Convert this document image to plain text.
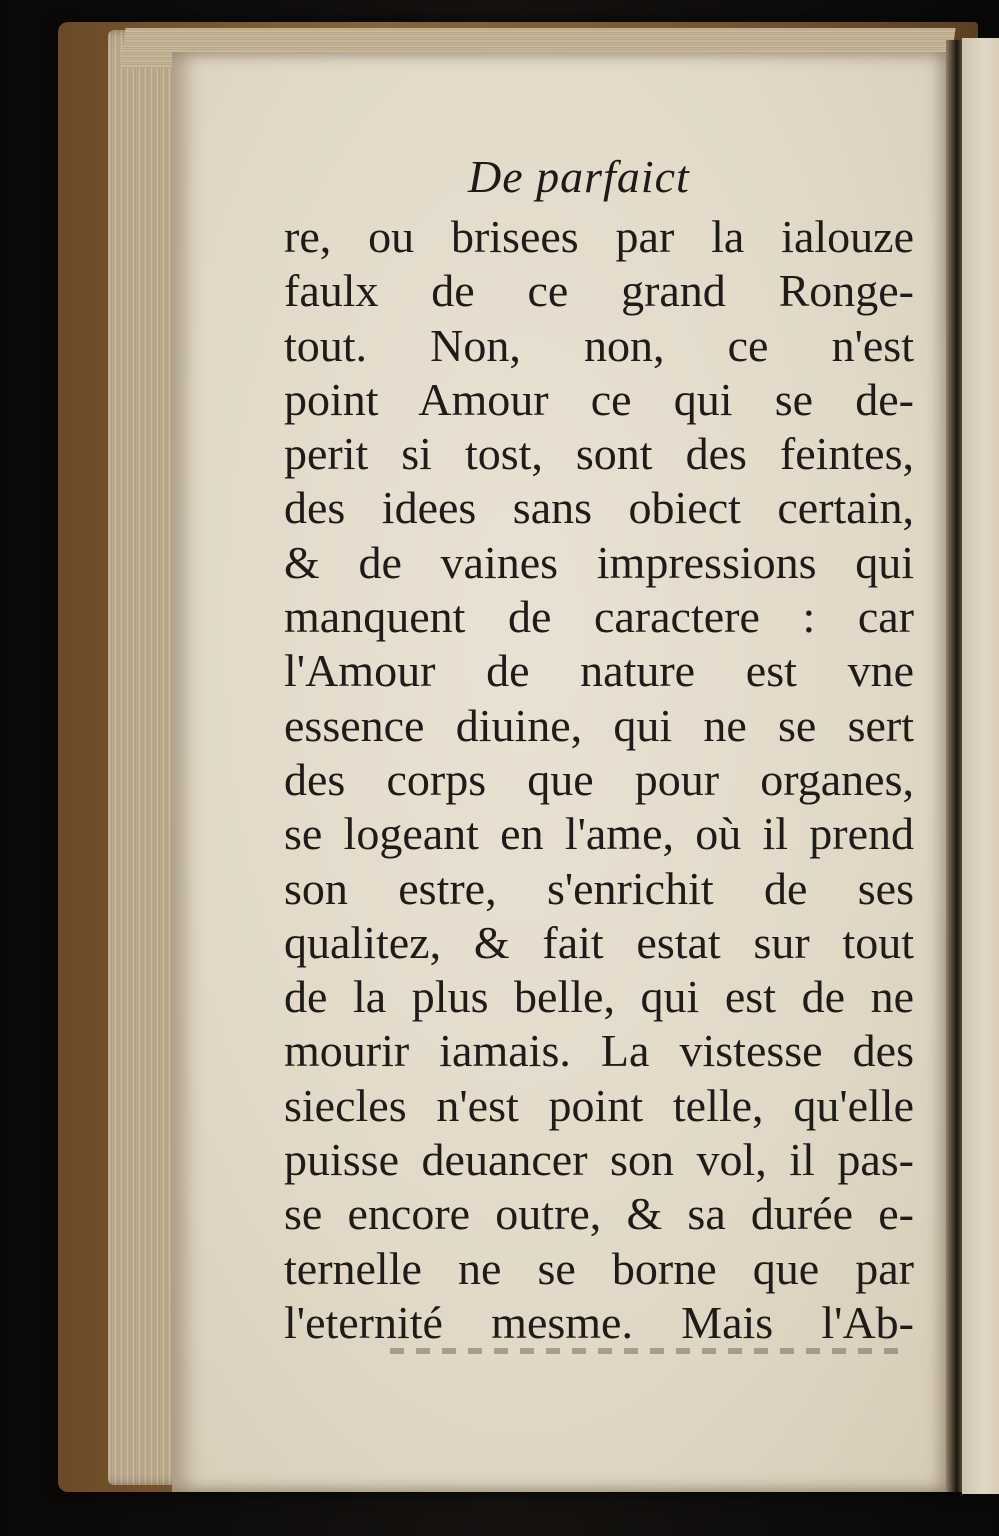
De parfaict
re, ou brisees par la ialouze
faulx de ce grand Ronge-
tout. Non, non, ce n'est
point Amour ce qui se de-
perit si tost, sont des feintes,
des idees sans obiect certain,
& de vaines impressions qui
manquent de caractere : car
l'Amour de nature est vne
essence diuine, qui ne se sert
des corps que pour organes,
se logeant en l'ame, où il prend
son estre, s'enrichit de ses
qualitez, & fait estat sur tout
de la plus belle, qui est de ne
mourir iamais. La vistesse des
siecles n'est point telle, qu'elle
puisse deuancer son vol, il pas-
se encore outre, & sa durée e-
ternelle ne se borne que par
l'eternité mesme. Mais l'Ab-
